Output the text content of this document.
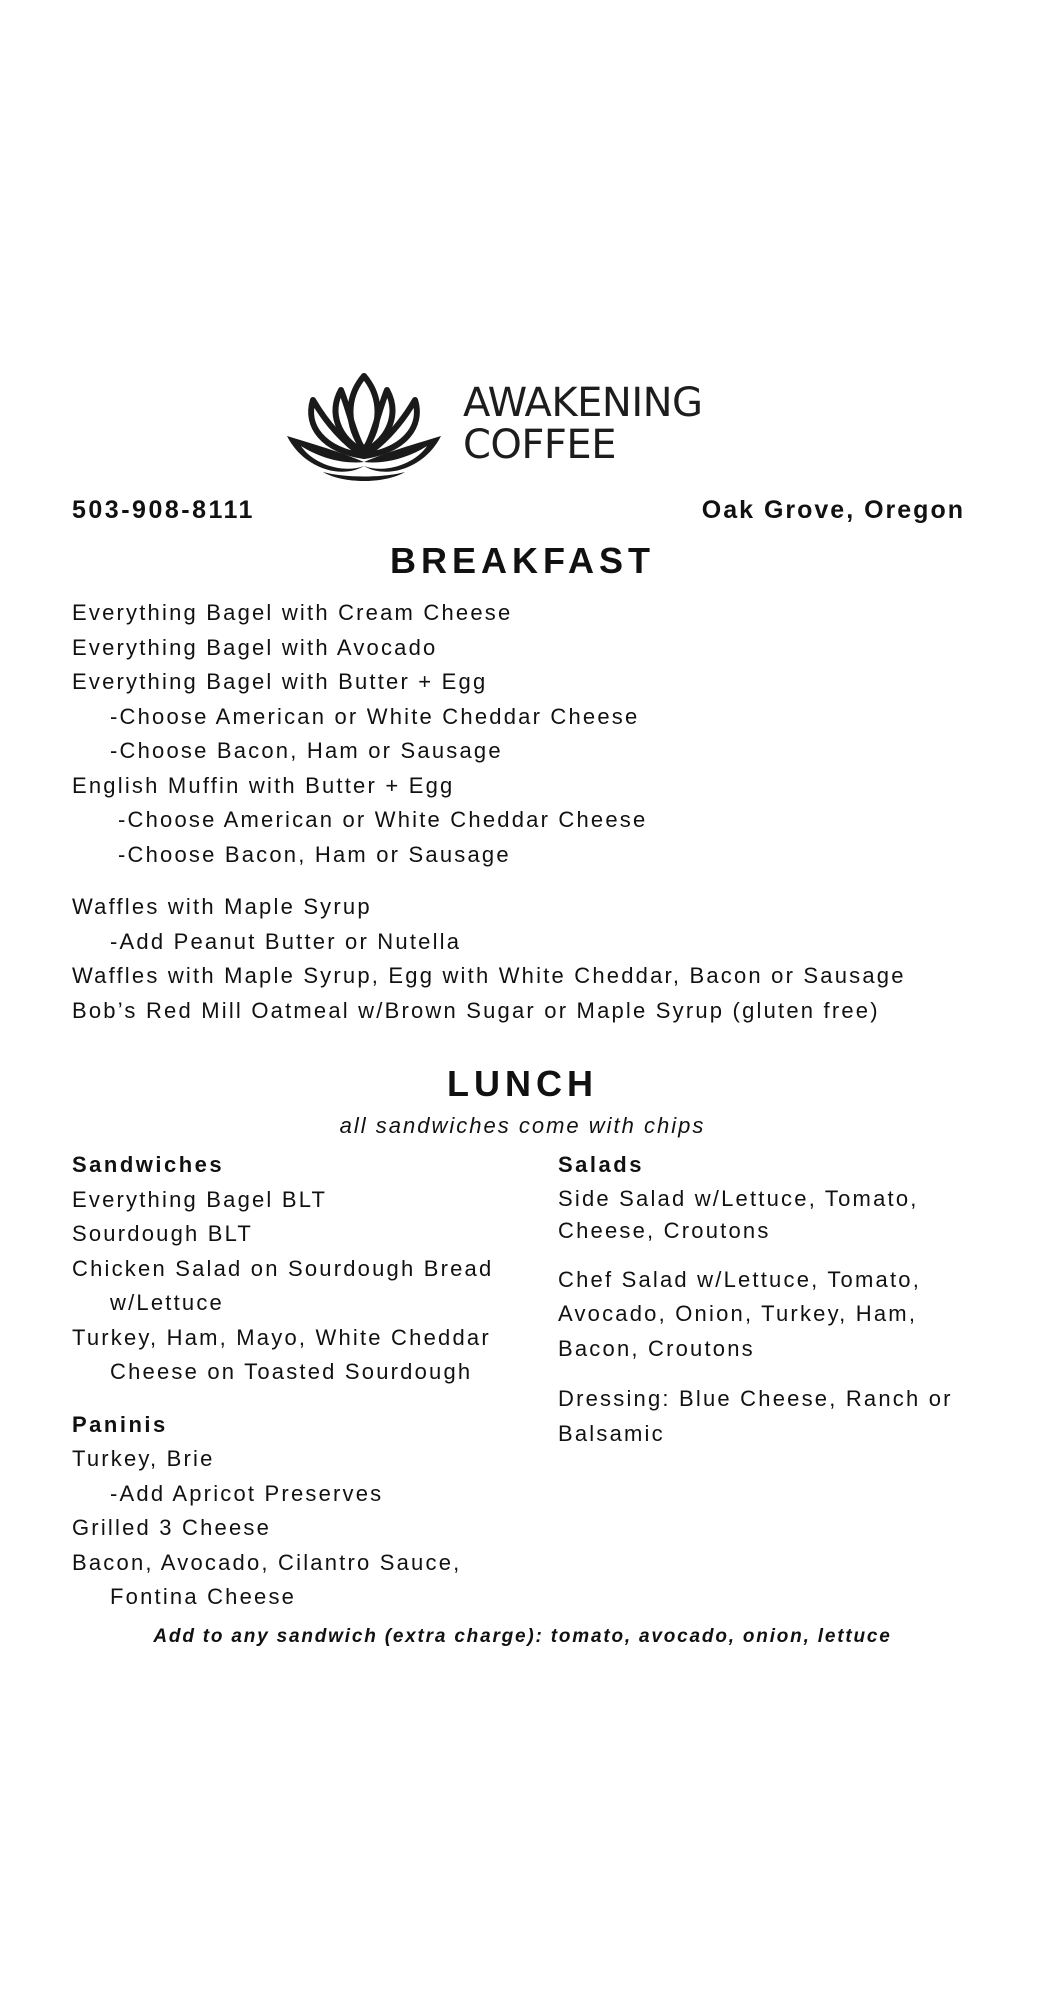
AWAKENING
COFFEE
503-908-8111	Oak Grove, Oregon
BREAKFAST
Everything Bagel with Cream Cheese
Everything Bagel with Avocado
Everything Bagel with Butter + Egg
-Choose American or White Cheddar Cheese
-Choose Bacon, Ham or Sausage
English Muffin with Butter + Egg
-Choose American or White Cheddar Cheese
-Choose Bacon, Ham or Sausage
Waffles with Maple Syrup
-Add Peanut Butter or Nutella
Waffles with Maple Syrup, Egg with White Cheddar, Bacon or Sausage
Bob’s Red Mill Oatmeal w/Brown Sugar or Maple Syrup (gluten free)
LUNCH
all sandwiches come with chips
Sandwiches
Everything Bagel BLT
Sourdough BLT
Chicken Salad on Sourdough Bread w/Lettuce
Turkey, Ham, Mayo, White Cheddar Cheese on Toasted Sourdough
Paninis
Turkey, Brie
-Add Apricot Preserves
Grilled 3 Cheese
Bacon, Avocado, Cilantro Sauce, Fontina Cheese
Salads
Side Salad w/Lettuce, Tomato, Cheese, Croutons
Chef Salad w/Lettuce, Tomato, Avocado, Onion, Turkey, Ham, Bacon, Croutons
Dressing: Blue Cheese, Ranch or Balsamic
Add to any sandwich (extra charge): tomato, avocado, onion, lettuce
